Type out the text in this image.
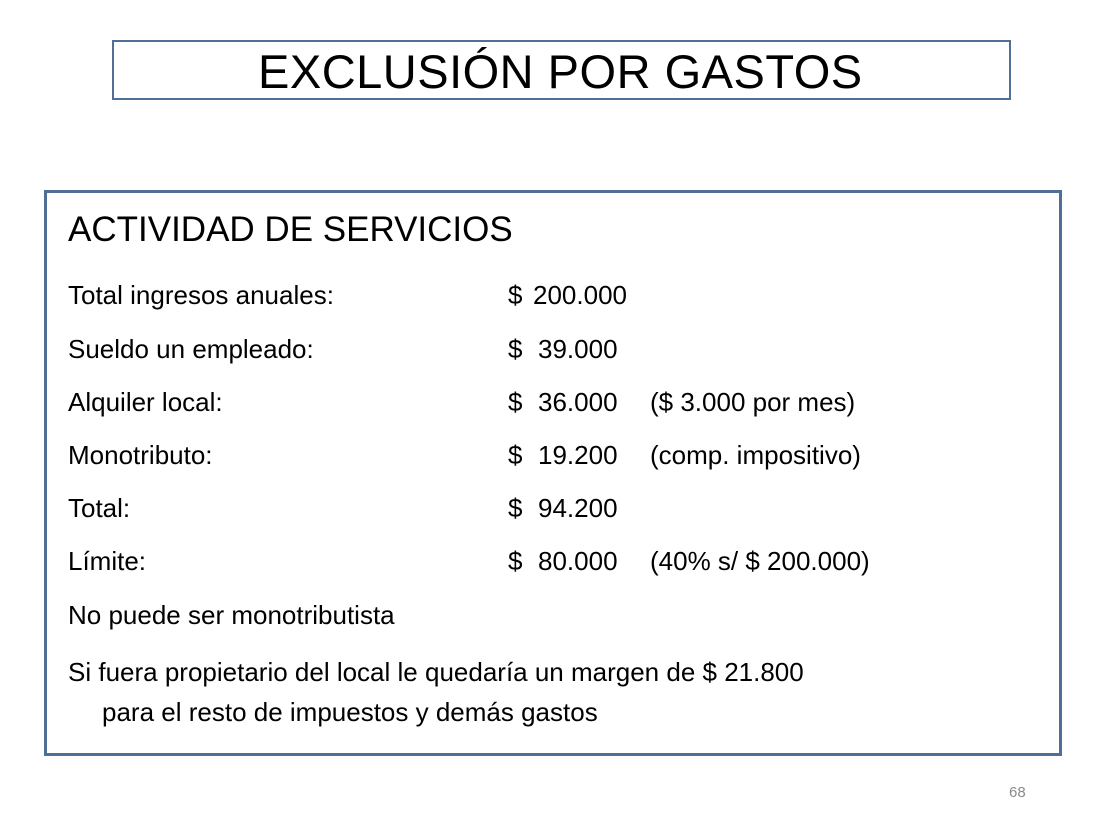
EXCLUSIÓN POR GASTOS
ACTIVIDAD DE SERVICIOS
Total ingresos anuales:	$ 200.000
Sueldo un empleado:	$ 39.000
Alquiler local:	$ 36.000 ($ 3.000 por mes)
Monotributo:	$ 19.200 (comp. impositivo)
Total:	$ 94.200
Límite:	$ 80.000 (40% s/ $ 200.000)
No puede ser monotributista
Si fuera propietario del local le quedaría un margen de $ 21.800
para el resto de impuestos y demás gastos
68
